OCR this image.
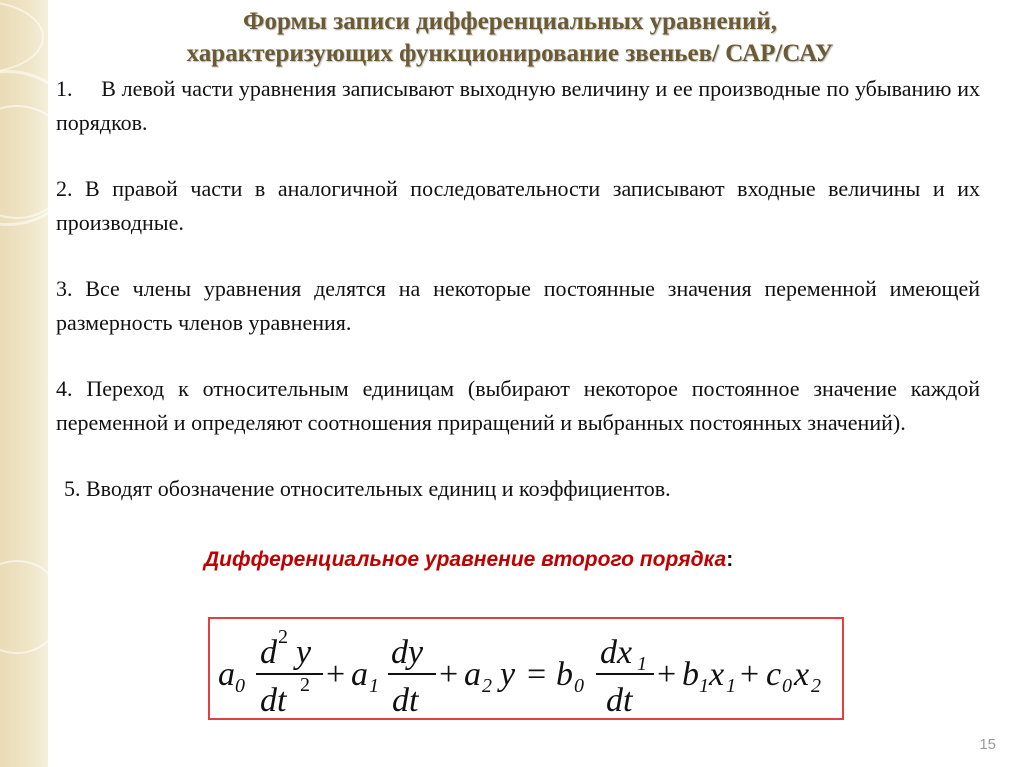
Формы записи дифференциальных уравнений,
характеризующих функционирование звеньев/ САР/САУ

1.     В левой части уравнения записывают выходную величину и ее производные по убыванию их порядков.

2. В правой части в аналогичной последовательности записывают входные величины и их производные.

3. Все члены уравнения делятся на некоторые постоянные значения переменной имеющей размерность членов уравнения.

4. Переход к относительным единицам (выбирают некоторое постоянное значение каждой переменной и определяют соотношения приращений и выбранных постоянных значений).

5. Вводят обозначение относительных единиц и коэффициентов.

Дифференциальное уравнение второго порядка:
a 0
d 2 y
dt 2 + a 1
dy
dt
+ a 2 y = b 0
dx 1
dt
+ b 1 x 1 + c 0 x 2
15
